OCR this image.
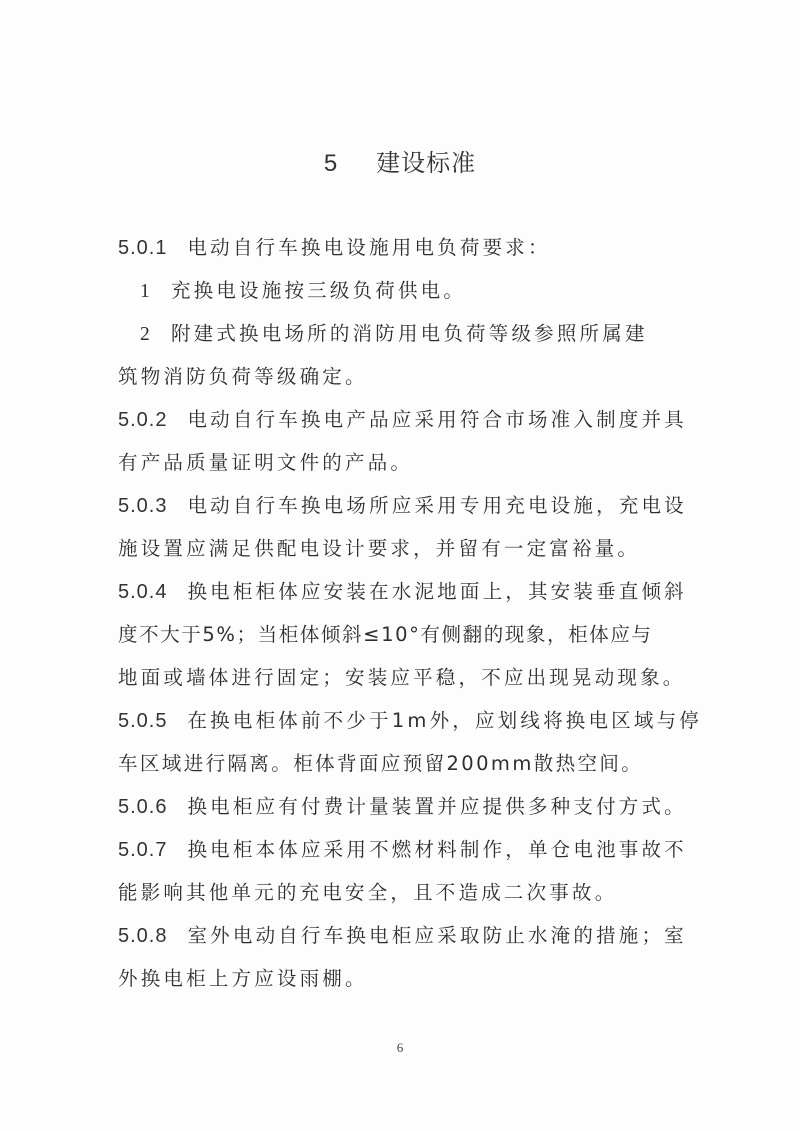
5 建设标准
5.0.1 电动自行车换电设施用电负荷要求：
1 充换电设施按三级负荷供电。
2 附建式换电场所的消防用电负荷等级参照所属建
筑物消防负荷等级确定。
5.0.2 电动自行车换电产品应采用符合市场准入制度并具
有产品质量证明文件的产品。
5.0.3 电动自行车换电场所应采用专用充电设施，充电设
施设置应满足供配电设计要求，并留有一定富裕量。
5.0.4 换电柜柜体应安装在水泥地面上，其安装垂直倾斜
度不大于5%；当柜体倾斜≤10°有侧翻的现象，柜体应与
地面或墙体进行固定；安装应平稳，不应出现晃动现象。
5.0.5 在换电柜体前不少于1m外，应划线将换电区域与停
车区域进行隔离。柜体背面应预留200mm散热空间。
5.0.6 换电柜应有付费计量装置并应提供多种支付方式。
5.0.7 换电柜本体应采用不燃材料制作，单仓电池事故不
能影响其他单元的充电安全，且不造成二次事故。
5.0.8 室外电动自行车换电柜应采取防止水淹的措施；室
外换电柜上方应设雨棚。
6
